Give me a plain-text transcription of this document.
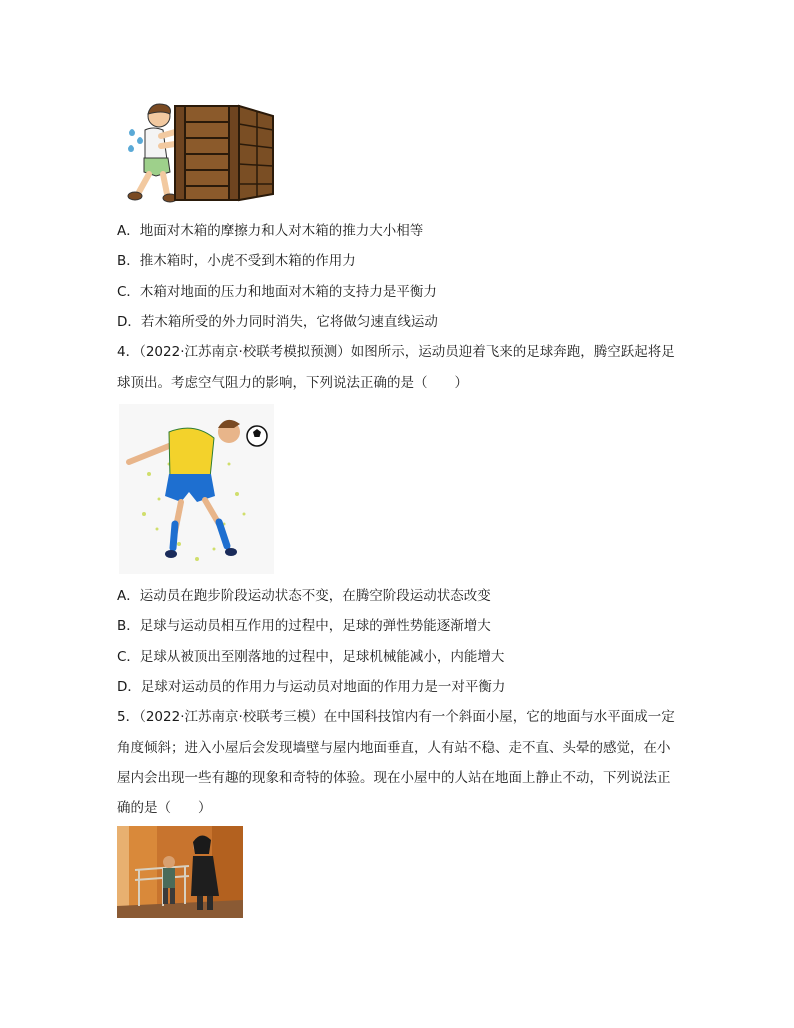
A．地面对木箱的摩擦力和人对木箱的推力大小相等
B．推木箱时，小虎不受到木箱的作用力
C．木箱对地面的压力和地面对木箱的支持力是平衡力
D．若木箱所受的外力同时消失，它将做匀速直线运动
4．（2022·江苏南京·校联考模拟预测）如图所示，运动员迎着飞来的足球奔跑，腾空跃起将足
球顶出。考虑空气阻力的影响，下列说法正确的是（　　）
A．运动员在跑步阶段运动状态不变，在腾空阶段运动状态改变
B．足球与运动员相互作用的过程中，足球的弹性势能逐渐增大
C．足球从被顶出至刚落地的过程中，足球机械能减小，内能增大
D．足球对运动员的作用力与运动员对地面的作用力是一对平衡力
5．（2022·江苏南京·校联考三模）在中国科技馆内有一个斜面小屋，它的地面与水平面成一定
角度倾斜；进入小屋后会发现墙壁与屋内地面垂直，人有站不稳、走不直、头晕的感觉，在小
屋内会出现一些有趣的现象和奇特的体验。现在小屋中的人站在地面上静止不动，下列说法正
确的是（　　）
